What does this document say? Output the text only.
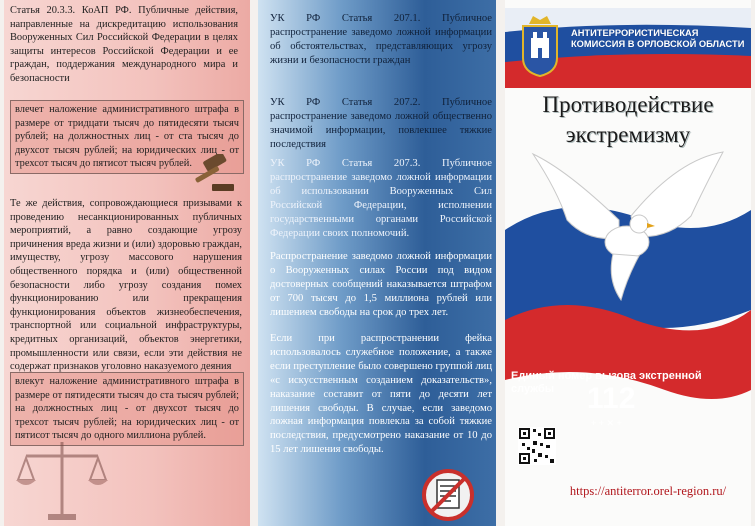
Статья 20.3.3. КоАП РФ. Публичные действия, направленные на дискредитацию использования Вооруженных Сил Российской Федерации в целях защиты интересов Российской Федерации и ее граждан, поддержания международного мира и безопасности

влечет наложение административного штрафа в размере от тридцати тысяч до пятидесяти тысяч рублей; на должностных лиц - от ста тысяч до двухсот тысяч рублей; на юридических лиц - от трехсот тысяч до пятисот тысяч рублей.

Те же действия, сопровождающиеся призывами к проведению несанкционированных публичных мероприятий, а равно создающие угрозу причинения вреда жизни и (или) здоровью граждан, имуществу, угрозу массового нарушения общественного порядка и (или) общественной безопасности либо угрозу создания помех функционированию или прекращения функционирования объектов жизнеобеспечения, транспортной или социальной инфраструктуры, кредитных организаций, объектов энергетики, промышленности или связи, если эти действия не содержат признаков уголовно наказуемого деяния

влекут наложение административного штрафа в размере от пятидесяти тысяч до ста тысяч рублей; на должностных лиц - от двухсот тысяч до трехсот тысяч рублей; на юридических лиц - от пятисот тысяч до одного миллиона рублей.

УК РФ Статья 207.1. Публичное распространение заведомо ложной информации об обстоятельствах, представляющих угрозу жизни и безопасности граждан

УК РФ Статья 207.2. Публичное распространение заведомо ложной общественно значимой информации, повлекшее тяжкие последствия

УК РФ Статья 207.3. Публичное распространение заведомо ложной информации об использовании Вооруженных Сил Российской Федерации, исполнении государственными органами Российской Федерации своих полномочий.

Распространение заведомо ложной информации о Вооруженных силах России под видом достоверных сообщений наказывается штрафом от 700 тысяч до 1,5 миллиона рублей или лишением свободы на срок до трех лет.

Если при распространении фейка использовалось служебное положение, а также если преступление было совершено группой лиц «с искусственным созданием доказательств», наказание составит от пяти до десяти лет лишения свободы. В случае, если заведомо ложная информация повлекла за собой тяжкие последствия, предусмотрено наказание от 10 до 15 лет лишения свободы.

АНТИТЕРРОРИСТИЧЕСКАЯ КОМИССИЯ В ОРЛОВСКОЙ ОБЛАСТИ
Противодействие
экстремизму
Единый номер вызова экстренной службы	112
+ + ✕ +
https://antiterror.orel-region.ru/
